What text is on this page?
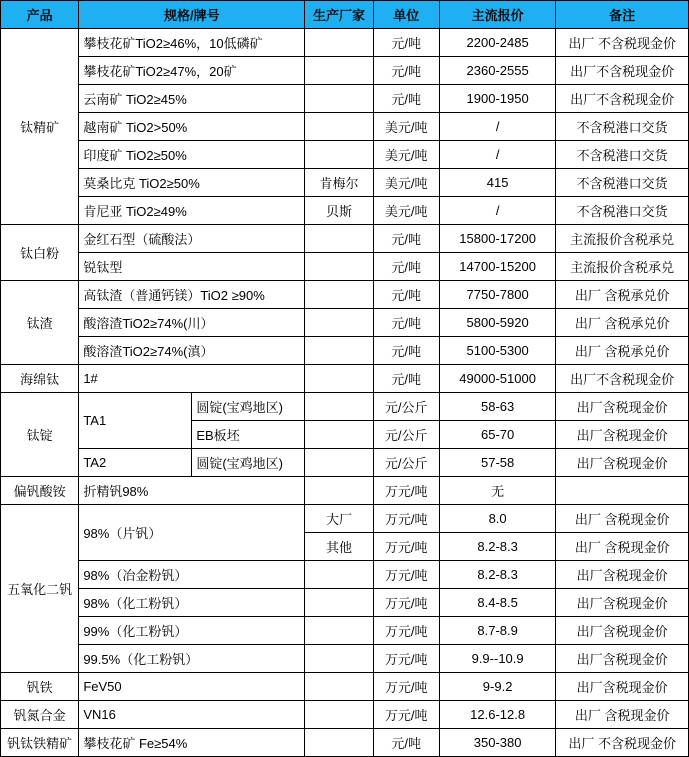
产品	规格/牌号		生产厂家	单位	主流报价	备注
钛精矿	攀枝花矿TiO2≥46%，10低磷矿			元/吨	2200-2485	出厂 不含税现金价
	攀枝花矿TiO2≥47%，20矿			元/吨	2360-2555	出厂不含税现金价
	云南矿 TiO2≥45%			元/吨	1900-1950	出厂不含税现金价
	越南矿 TiO2>50%			美元/吨	/	不含税港口交货
	印度矿 TiO2≥50%			美元/吨	/	不含税港口交货
	莫桑比克 TiO2≥50%		肯梅尔	美元/吨	415	不含税港口交货
	肯尼亚 TiO2≥49%		贝斯	美元/吨	/	不含税港口交货
钛白粉	金红石型（硫酸法）			元/吨	15800-17200	主流报价含税承兑
	锐钛型			元/吨	14700-15200	主流报价含税承兑
钛渣	高钛渣（普通钙镁）TiO2 ≥90%			元/吨	7750-7800	出厂 含税承兑价
	酸溶渣TiO2≥74%(川）			元/吨	5800-5920	出厂 含税承兑价
	酸溶渣TiO2≥74%(滇）			元/吨	5100-5300	出厂 含税承兑价
海绵钛	1#			元/吨	49000-51000	出厂不含税现金价
钛锭	TA1	圆锭(宝鸡地区)		元/公斤	58-63	出厂含税现金价
		EB板坯		元/公斤	65-70	出厂含税现金价
	TA2	圆锭(宝鸡地区)		元/公斤	57-58	出厂含税现金价
偏钒酸铵	折精钒98%			万元/吨	无	
五氧化二钒	98%（片钒）		大厂	万元/吨	8.0	出厂 含税现金价
			其他	万元/吨	8.2-8.3	出厂 含税现金价
	98%（冶金粉钒）			万元/吨	8.2-8.3	出厂含税现金价
	98%（化工粉钒）			万元/吨	8.4-8.5	出厂含税现金价
	99%（化工粉钒）			万元/吨	8.7-8.9	出厂含税现金价
	99.5%（化工粉钒）			万元/吨	9.9--10.9	出厂含税现金价
钒铁	FeV50			万元/吨	9-9.2	出厂含税现金价
钒氮合金	VN16			万元/吨	12.6-12.8	出厂 含税现金价
钒钛铁精矿	攀枝花矿 Fe≥54%			元/吨	350-380	出厂 不含税现金价
